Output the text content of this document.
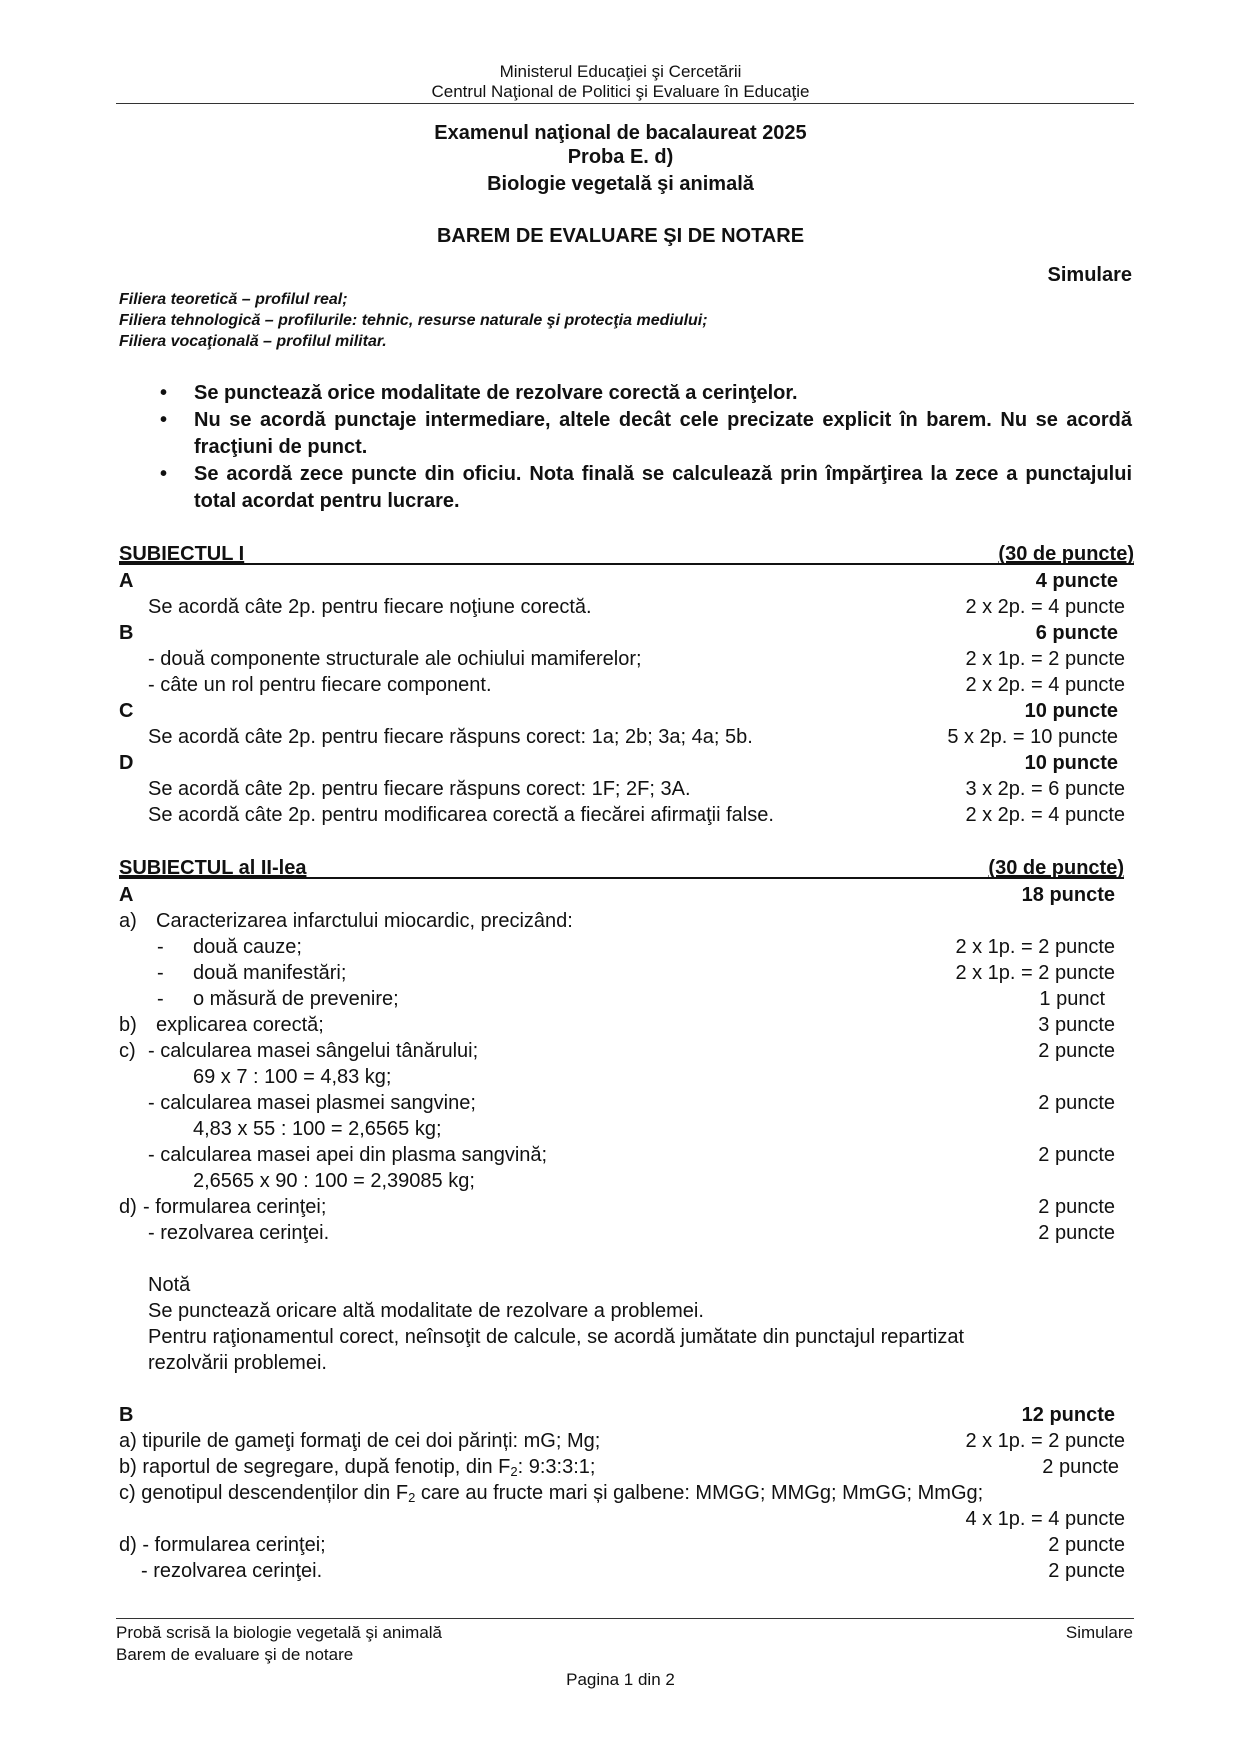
Ministerul Educaţiei şi Cercetării
Centrul Naţional de Politici şi Evaluare în Educaţie
Examenul naţional de bacalaureat 2025
Proba E. d)
Biologie vegetală şi animală
BAREM DE EVALUARE ŞI DE NOTARE
Simulare
Filiera teoretică – profilul real;
Filiera tehnologică – profilurile: tehnic, resurse naturale şi protecţia mediului;
Filiera vocaţională – profilul militar.
• Se punctează orice modalitate de rezolvare corectă a cerinţelor.
• Nu se acordă punctaje intermediare, altele decât cele precizate explicit în barem. Nu se acordă fracţiuni de punct.
• Se acordă zece puncte din oficiu. Nota finală se calculează prin împărţirea la zece a punctajului total acordat pentru lucrare.
SUBIECTUL I	(30 de puncte)
A	4 puncte
Se acordă câte 2p. pentru fiecare noţiune corectă.	2 x 2p. = 4 puncte
B	6 puncte
- două componente structurale ale ochiului mamiferelor;	2 x 1p. = 2 puncte
- câte un rol pentru fiecare component.	2 x 2p. = 4 puncte
C	10 puncte
Se acordă câte 2p. pentru fiecare răspuns corect: 1a; 2b; 3a; 4a; 5b.	5 x 2p. = 10 puncte
D	10 puncte
Se acordă câte 2p. pentru fiecare răspuns corect: 1F; 2F; 3A.	3 x 2p. = 6 puncte
Se acordă câte 2p. pentru modificarea corectă a fiecărei afirmaţii false.	2 x 2p. = 4 puncte
SUBIECTUL al II-lea	(30 de puncte)
A	18 puncte
a) Caracterizarea infarctului miocardic, precizând:
- două cauze;	2 x 1p. = 2 puncte
- două manifestări;	2 x 1p. = 2 puncte
- o măsură de prevenire;	1 punct
b) explicarea corectă;	3 puncte
c) - calcularea masei sângelui tânărului;	2 puncte
69 x 7 : 100 = 4,83 kg;
- calcularea masei plasmei sangvine;	2 puncte
4,83 x 55 : 100 = 2,6565 kg;
- calcularea masei apei din plasma sangvină;	2 puncte
2,6565 x 90 : 100 = 2,39085 kg;
d) - formularea cerinţei;	2 puncte
- rezolvarea cerinţei.	2 puncte
Notă
Se punctează oricare altă modalitate de rezolvare a problemei.
Pentru raţionamentul corect, neînsoţit de calcule, se acordă jumătate din punctajul repartizat
rezolvării problemei.
B	12 puncte
a) tipurile de gameţi formaţi de cei doi părinți: mG; Mg;	2 x 1p. = 2 puncte
b) raportul de segregare, după fenotip, din $F_2$: 9:3:3:1;	2 puncte
c) genotipul descendenților din $F_2$ care au fructe mari și galbene: MMGG; MMGg; MmGG; MmGg;
4 x 1p. = 4 puncte
d) - formularea cerinţei;	2 puncte
- rezolvarea cerinţei.	2 puncte
Probă scrisă la biologie vegetală şi animală	Simulare
Barem de evaluare şi de notare
Pagina 1 din 2
